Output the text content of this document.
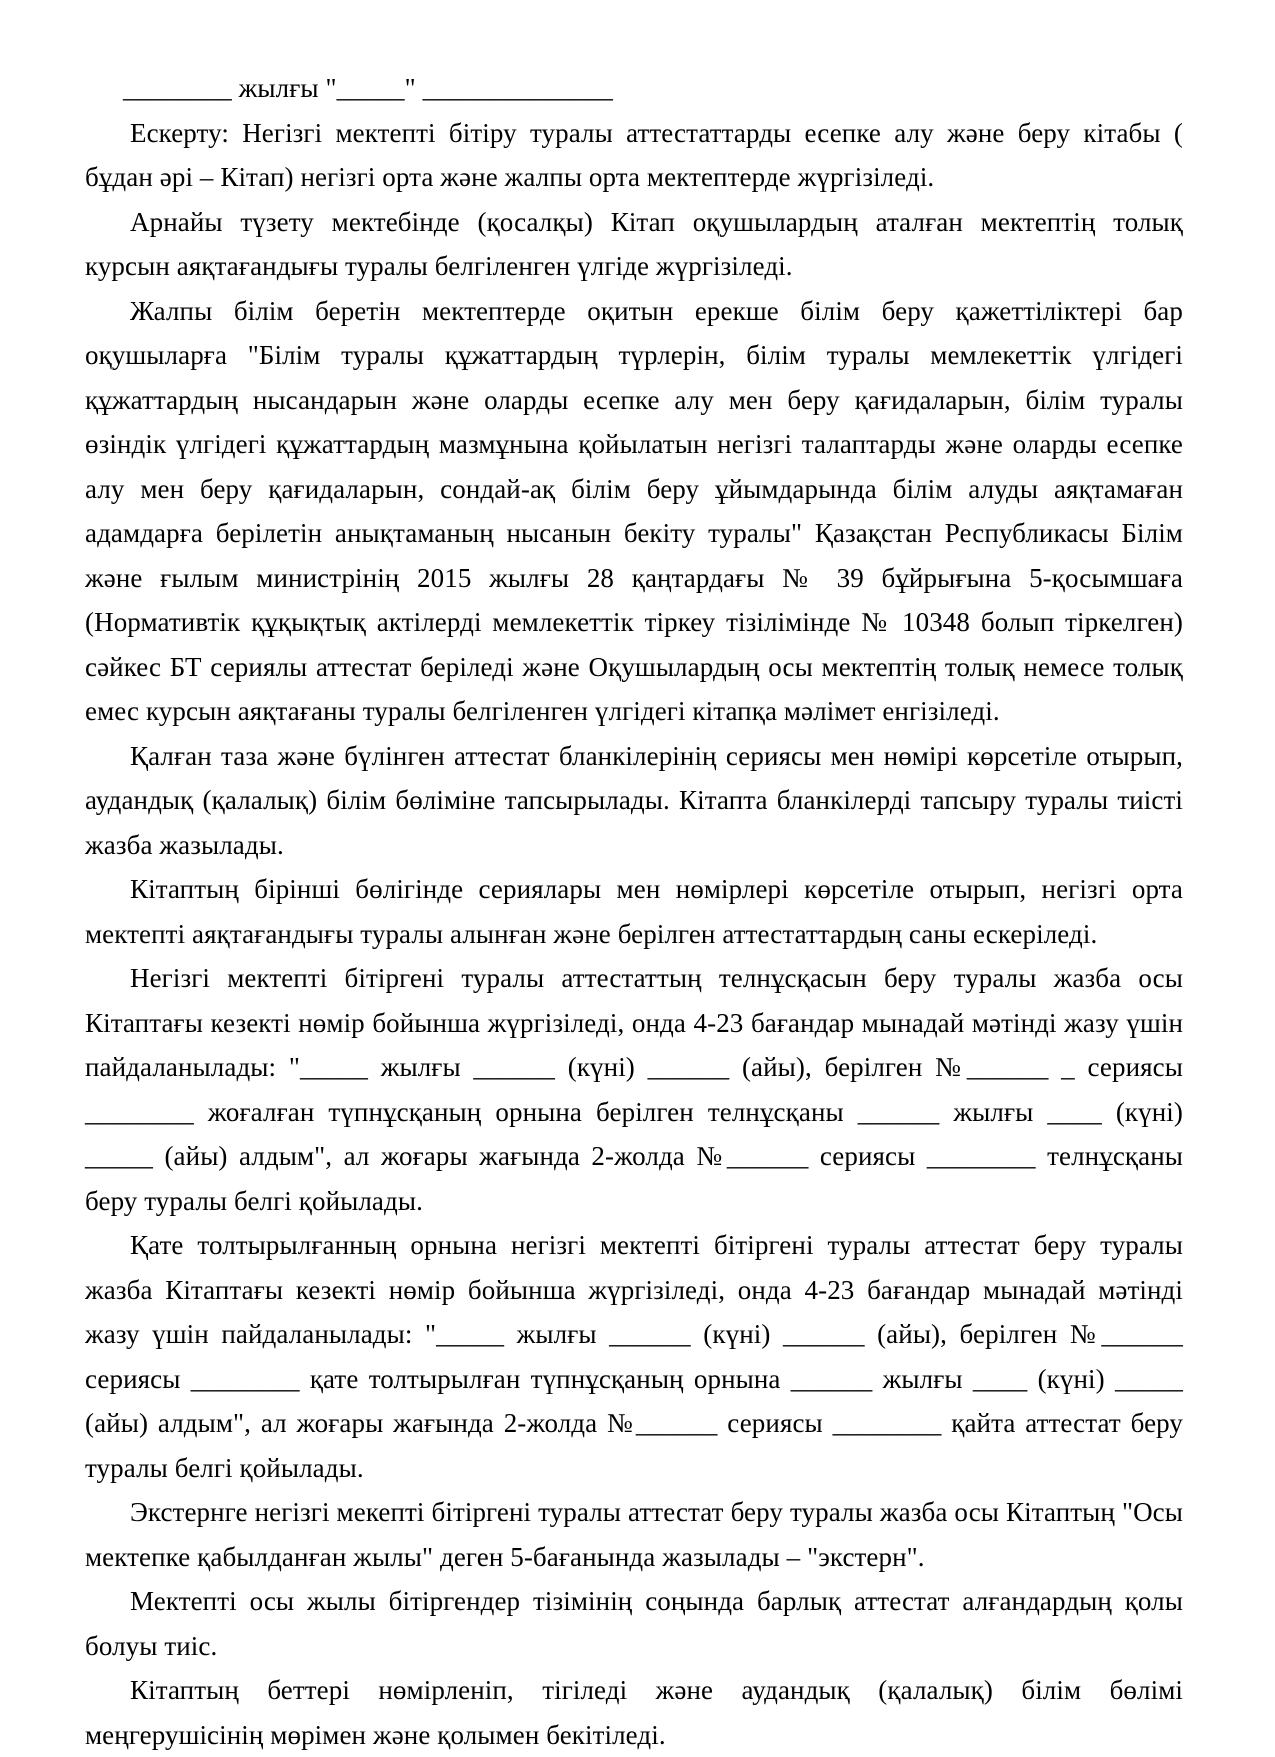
________ жылғы "_____" ______________

Ескерту: Негізгі мектепті бітіру туралы аттестаттарды есепке алу және беру кітабы ( бұдан әрі – Кітап) негізгі орта және жалпы орта мектептерде жүргізіледі.

Арнайы түзету мектебінде (қосалқы) Кітап оқушылардың аталған мектептің толық курсын аяқтағандығы туралы белгіленген үлгіде жүргізіледі.

Жалпы білім беретін мектептерде оқитын ерекше білім беру қажеттіліктері бар оқушыларға "Білім туралы құжаттардың түрлерін, білім туралы мемлекеттік үлгідегі құжаттардың нысандарын және оларды есепке алу мен беру қағидаларын, білім туралы өзіндік үлгідегі құжаттардың мазмұнына қойылатын негізгі талаптарды және оларды есепке алу мен беру қағидаларын, сондай-ақ білім беру ұйымдарында білім алуды аяқтамаған адамдарға берілетін анықтаманың нысанын бекіту туралы" Қазақстан Республикасы Білім және ғылым министрінің 2015 жылғы 28 қаңтардағы № 39 бұйрығына 5-қосымшаға (Нормативтік құқықтық актілерді мемлекеттік тіркеу тізілімінде № 10348 болып тіркелген) сәйкес БТ сериялы аттестат беріледі және Оқушылардың осы мектептің толық немесе толық емес курсын аяқтағаны туралы белгіленген үлгідегі кітапқа мәлімет енгізіледі.

Қалған таза және бүлінген аттестат бланкілерінің сериясы мен нөмірі көрсетіле отырып, аудандық (қалалық) білім бөліміне тапсырылады. Кітапта бланкілерді тапсыру туралы тиісті жазба жазылады.

Кітаптың бірінші бөлігінде сериялары мен нөмірлері көрсетіле отырып, негізгі орта мектепті аяқтағандығы туралы алынған және берілген аттестаттардың саны ескеріледі.

Негізгі мектепті бітіргені туралы аттестаттың телнұсқасын беру туралы жазба осы Кітаптағы кезекті нөмір бойынша жүргізіледі, онда 4-23 бағандар мынадай мәтінді жазу үшін пайдаланылады: "_____ жылғы ______ (күні) ______ (айы), берілген №______ _ сериясы ________ жоғалған түпнұсқаның орнына берілген телнұсқаны ______ жылғы ____ (күні) _____ (айы) алдым", ал жоғары жағында 2-жолда №______ сериясы ________ телнұсқаны беру туралы белгі қойылады.

Қате толтырылғанның орнына негізгі мектепті бітіргені туралы аттестат беру туралы жазба Кітаптағы кезекті нөмір бойынша жүргізіледі, онда 4-23 бағандар мынадай мәтінді жазу үшін пайдаланылады: "_____ жылғы ______ (күні) ______ (айы), берілген №______ сериясы ________ қате толтырылған түпнұсқаның орнына ______ жылғы ____ (күні) _____ (айы) алдым", ал жоғары жағында 2-жолда №______ сериясы ________ қайта аттестат беру туралы белгі қойылады.

Экстернге негізгі мекепті бітіргені туралы аттестат беру туралы жазба осы Кітаптың "Осы мектепке қабылданған жылы" деген 5-бағанында жазылады – "экстерн".

Мектепті осы жылы бітіргендер тізімінің соңында барлық аттестат алғандардың қолы болуы тиіс.

Кітаптың беттері нөмірленіп, тігіледі және аудандық (қалалық) білім бөлімі меңгерушісінің мөрімен және қолымен бекітіледі.
